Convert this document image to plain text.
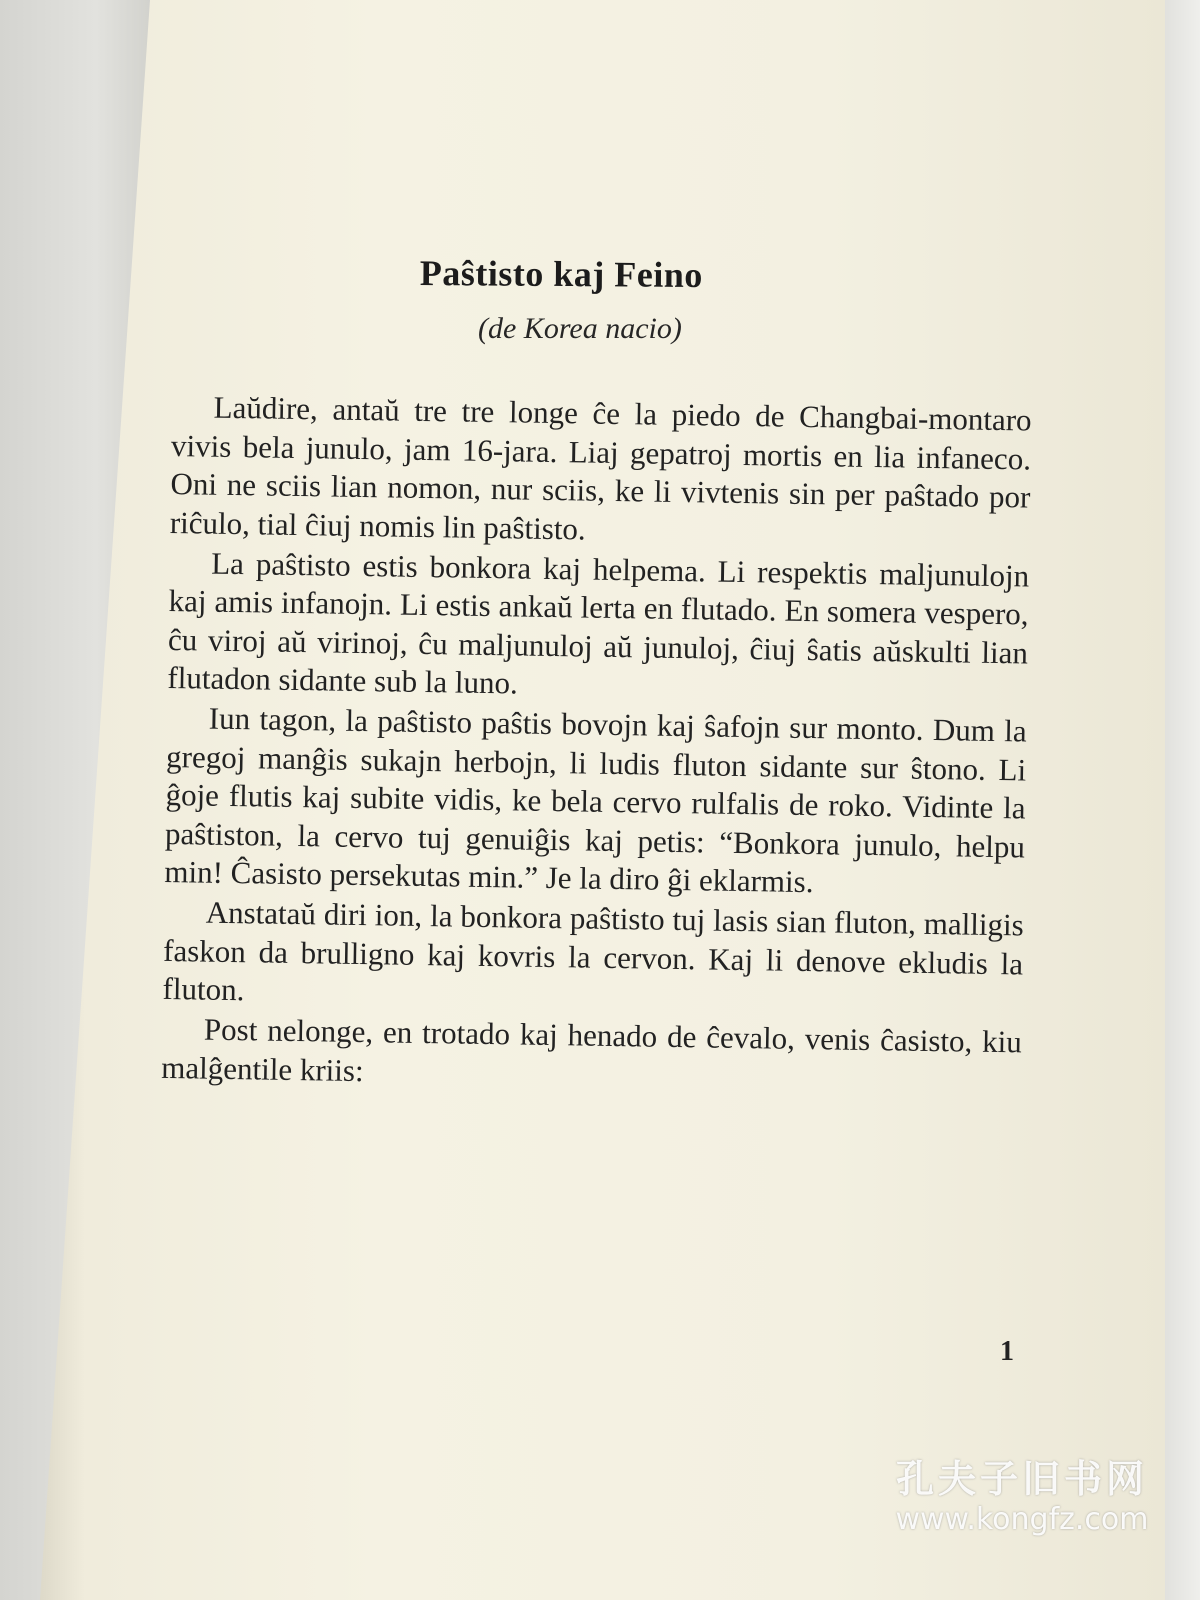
Paŝtisto kaj Feino
(de Korea nacio)

Laŭdire, antaŭ tre tre longe ĉe la piedo de Changbai-montaro vivis bela junulo, jam 16-jara. Liaj gepatroj mortis en lia infaneco. Oni ne sciis lian nomon, nur sciis, ke li vivtenis sin per paŝtado por riĉulo, tial ĉiuj nomis lin paŝtisto.

La paŝtisto estis bonkora kaj helpema. Li respektis maljunulojn kaj amis infanojn. Li estis ankaŭ lerta en flutado. En somera vespero, ĉu viroj aŭ virinoj, ĉu maljunuloj aŭ junuloj, ĉiuj ŝatis aŭskulti lian flutadon sidante sub la luno.

Iun tagon, la paŝtisto paŝtis bovojn kaj ŝafojn sur monto. Dum la gregoj manĝis sukajn herbojn, li ludis fluton sidante sur ŝtono. Li ĝoje flutis kaj subite vidis, ke bela cervo rulfalis de roko. Vidinte la paŝtiston, la cervo tuj genuiĝis kaj petis: “Bonkora junulo, helpu min! Ĉasisto persekutas min.” Je la diro ĝi eklarmis.

Anstataŭ diri ion, la bonkora paŝtisto tuj lasis sian fluton, malligis faskon da brulligno kaj kovris la cervon. Kaj li denove ekludis la fluton.

Post nelonge, en trotado kaj henado de ĉevalo, venis ĉasisto, kiu malĝentile kriis:

1
孔夫子旧书网
www.kongfz.com
